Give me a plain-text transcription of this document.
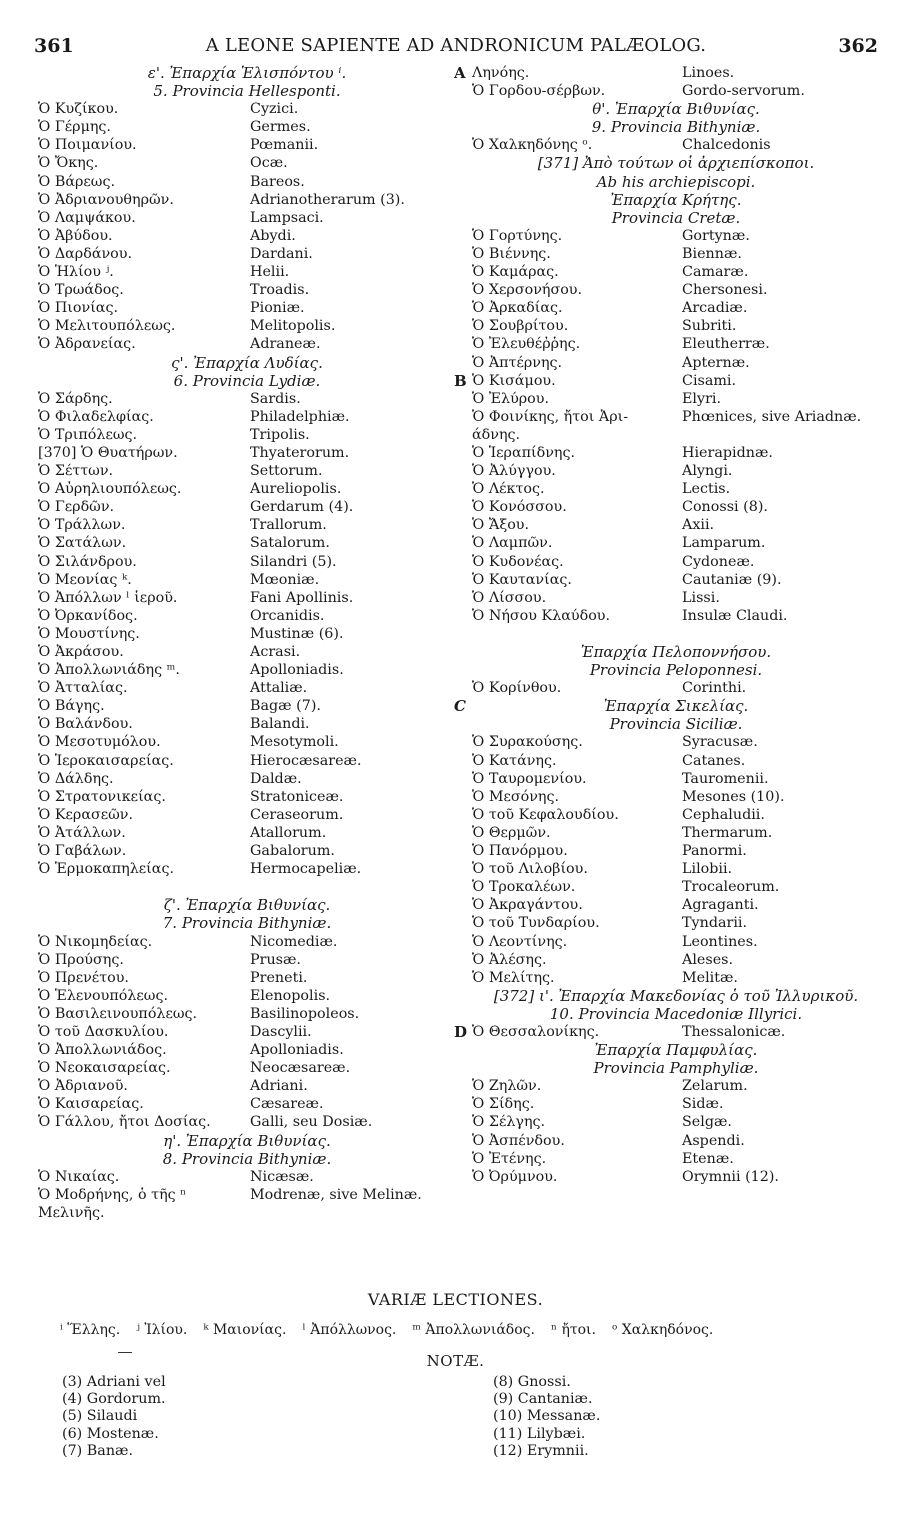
361	A LEONE SAPIENTE AD ANDRONICUM PALÆOLOG.	362
ε'. Ἐπαρχία Ἑλισπόντου ⁱ.
5. Provincia Hellesponti.
Ὁ Κυζίκου.	Cyzici.
Ὁ Γέρμης.	Germes.
Ὁ Ποιμανίου.	Pœmanii.
Ὁ Ὄκης.	Ocæ.
Ὁ Βάρεως.	Bareos.
Ὁ Ἀδριανουθηρῶν.	Adrianotherarum (3).
Ὁ Λαμψάκου.	Lampsaci.
Ὁ Ἀβύδου.	Abydi.
Ὁ Δαρδάνου.	Dardani.
Ὁ Ἡλίου ʲ.	Helii.
Ὁ Τρωάδος.	Troadis.
Ὁ Πιονίας.	Pioniæ.
Ὁ Μελιτουπόλεως.	Melitopolis.
Ὁ Ἀδρανείας.	Adranеæ.
ς'. Ἐπαρχία Λυδίας.
6. Provincia Lydiæ.
Ὁ Σάρδης.	Sardis.
Ὁ Φιλαδελφίας.	Philadelphiæ.
Ὁ Τριπόλεως.	Tripolis.
[370] Ὁ Θυατήρων.	Thyaterorum.
Ὁ Σέττων.	Settorum.
Ὁ Αὐρηλιουπόλεως.	Aureliopolis.
Ὁ Γερδῶν.	Gerdarum (4).
Ὁ Τράλλων.	Trallorum.
Ὁ Σατάλων.	Satalorum.
Ὁ Σιλάνδρου.	Silandri (5).
Ὁ Μεονίας ᵏ.	Mœoniæ.
Ὁ Ἀπόλλων ˡ ἱεροῦ.	Fani Apollinis.
Ὁ Ὀρκανίδος.	Orcanidis.
Ὁ Μουστίνης.	Mustinæ (6).
Ὁ Ἀκράσου.	Acrasi.
Ὁ Ἀπολλωνιάδης ᵐ.	Apolloniadis.
Ὁ Ἀτταλίας.	Attaliæ.
Ὁ Βάγης.	Bagæ (7).
Ὁ Βαλάνδου.	Balandi.
Ὁ Μεσοτυμόλου.	Mesotymoli.
Ὁ Ἱεροκαισαρείας.	Hierocæsareæ.
Ὁ Δάλδης.	Daldæ.
Ὁ Στρατονικείας.	Stratoniceæ.
Ὁ Κερασεῶν.	Ceraseorum.
Ὁ Ἀτάλλων.	Atallorum.
Ὁ Γαβάλων.	Gabalorum.
Ὁ Ἑρμοκαπηλείας.	Hermocapeliæ.
ζ'. Ἐπαρχία Βιθυνίας.
7. Provincia Bithyniæ.
Ὁ Νικομηδείας.	Nicomediæ.
Ὁ Προύσης.	Prusæ.
Ὁ Πρενέτου.	Preneti.
Ὁ Ἑλενουπόλεως.	Elenopolis.
Ὁ Βασιλεινουπόλεως.	Basilinopoleos.
Ὁ τοῦ Δασκυλίου.	Dascylii.
Ὁ Ἀπολλωνιάδος.	Apolloniadis.
Ὁ Νεοκαισαρείας.	Neocæsareæ.
Ὁ Ἀδριανοῦ.	Adriani.
Ὁ Καισαρείας.	Cæsareæ.
Ὁ Γάλλου, ἤτοι Δοσίας.	Galli, seu Dosiæ.
η'. Ἐπαρχία Βιθυνίας.
8. Provincia Bithyniæ.
Ὁ Νικαίας.	Nicæsæ.
Ὁ Μοδρήνης, ὁ τῆς ⁿ	Modrenæ, sive Melinæ.
Μελινῆς.
A Ληνόης.	Linoes.
Ὁ Γορδου-σέρβων.	Gordo-servorum.
θ'. Ἐπαρχία Βιθυνίας.
9. Provincia Bithyniæ.
Ὁ Χαλκηδόνης ᵒ.	Chalcedonis
[371] Ἀπὸ τούτων οἱ ἀρχιεπίσκοποι.
Ab his archiepiscopi.
Ἐπαρχία Κρήτης.
Provincia Cretæ.
Ὁ Γορτύνης.	Gortynæ.
Ὁ Βιέννης.	Biennæ.
Ὁ Καμάρας.	Camaræ.
Ὁ Χερσονήσου.	Chersonesi.
Ὁ Ἀρκαδίας.	Arcadiæ.
Ὁ Σουβρίτου.	Subriti.
Ὁ Ἐλευθέῤῥης.	Eleutherræ.
Ὁ Ἀπτέρνης.	Apternæ.
B Ὁ Κισάμου.	Cisami.
Ὁ Ἐλύρου.	Elyri.
Ὁ Φοινίκης, ἤτοι Ἀρι-	Phœnices, sive Ariadnæ.
άδνης.
Ὁ Ἱεραπίδνης.	Hierapidnæ.
Ὁ Ἀλύγγου.	Alyngi.
Ὁ Λέκτος.	Lectis.
Ὁ Κονόσσου.	Conossi (8).
Ὁ Ἄξου.	Axii.
Ὁ Λαμπῶν.	Lamparum.
Ὁ Κυδονέας.	Cydoneæ.
Ὁ Καυτανίας.	Cautaniæ (9).
Ὁ Λίσσου.	Lissi.
Ὁ Νήσου Κλαύδου.	Insulæ Claudi.
Ἐπαρχία Πελοποννήσου.
Provincia Peloponnesi.
Ὁ Κορίνθου.	Corinthi.
Ἐπαρχία Σικελίας.
C
Provincia Siciliæ.
Ὁ Συρακούσης.	Syracusæ.
Ὁ Κατάνης.	Catanes.
Ὁ Ταυρομενίου.	Tauromenii.
Ὁ Μεσόνης.	Mesones (10).
Ὁ τοῦ Κεφαλουδίου.	Cephaludii.
Ὁ Θερμῶν.	Thermarum.
Ὁ Πανόρμου.	Panormi.
Ὁ τοῦ Λιλοβίου.	Lilobii.
Ὁ Τροκαλέων.	Trocaleorum.
Ὁ Ἀκραγάντου.	Agraganti.
Ὁ τοῦ Τυνδαρίου.	Tyndarii.
Ὁ Λεοντίνης.	Leontines.
Ὁ Ἀλέσης.	Aleses.
Ὁ Μελίτης.	Melitæ.
[372] ι'. Ἐπαρχία Μακεδονίας ὁ τοῦ Ἰλλυρικοῦ.
10. Provincia Macedoniæ Illyrici.
D Ὁ Θεσσαλονίκης.	Thessalonicæ.
Ἐπαρχία Παμφυλίας.
Provincia Pamphyliæ.
Ὁ Ζηλῶν.	Zelarum.
Ὁ Σίδης.	Sidæ.
Ὁ Σέλγης.	Selgæ.
Ὁ Ἀσπένδου.	Aspendi.
Ὁ Ἐτένης.	Etenæ.
Ὁ Ὀρύμνου.	Orymnii (12).
VARIÆ LECTIONES.
ⁱ Ἕλλης. ʲ Ἰλίου. ᵏ Μαιονίας. ˡ Ἀπόλλωνος. ᵐ Ἀπολλωνιάδος. ⁿ ἤτοι. ᵒ Χαλκηδόνος.
NOTÆ.
(3) Adriani vel
(4) Gordorum.
(5) Silaudi
(6) Mostenæ.
(7) Banæ.
(8) Gnossi.
(9) Cantaniæ.
(10) Messanæ.
(11) Lilybæi.
(12) Erymnii.
